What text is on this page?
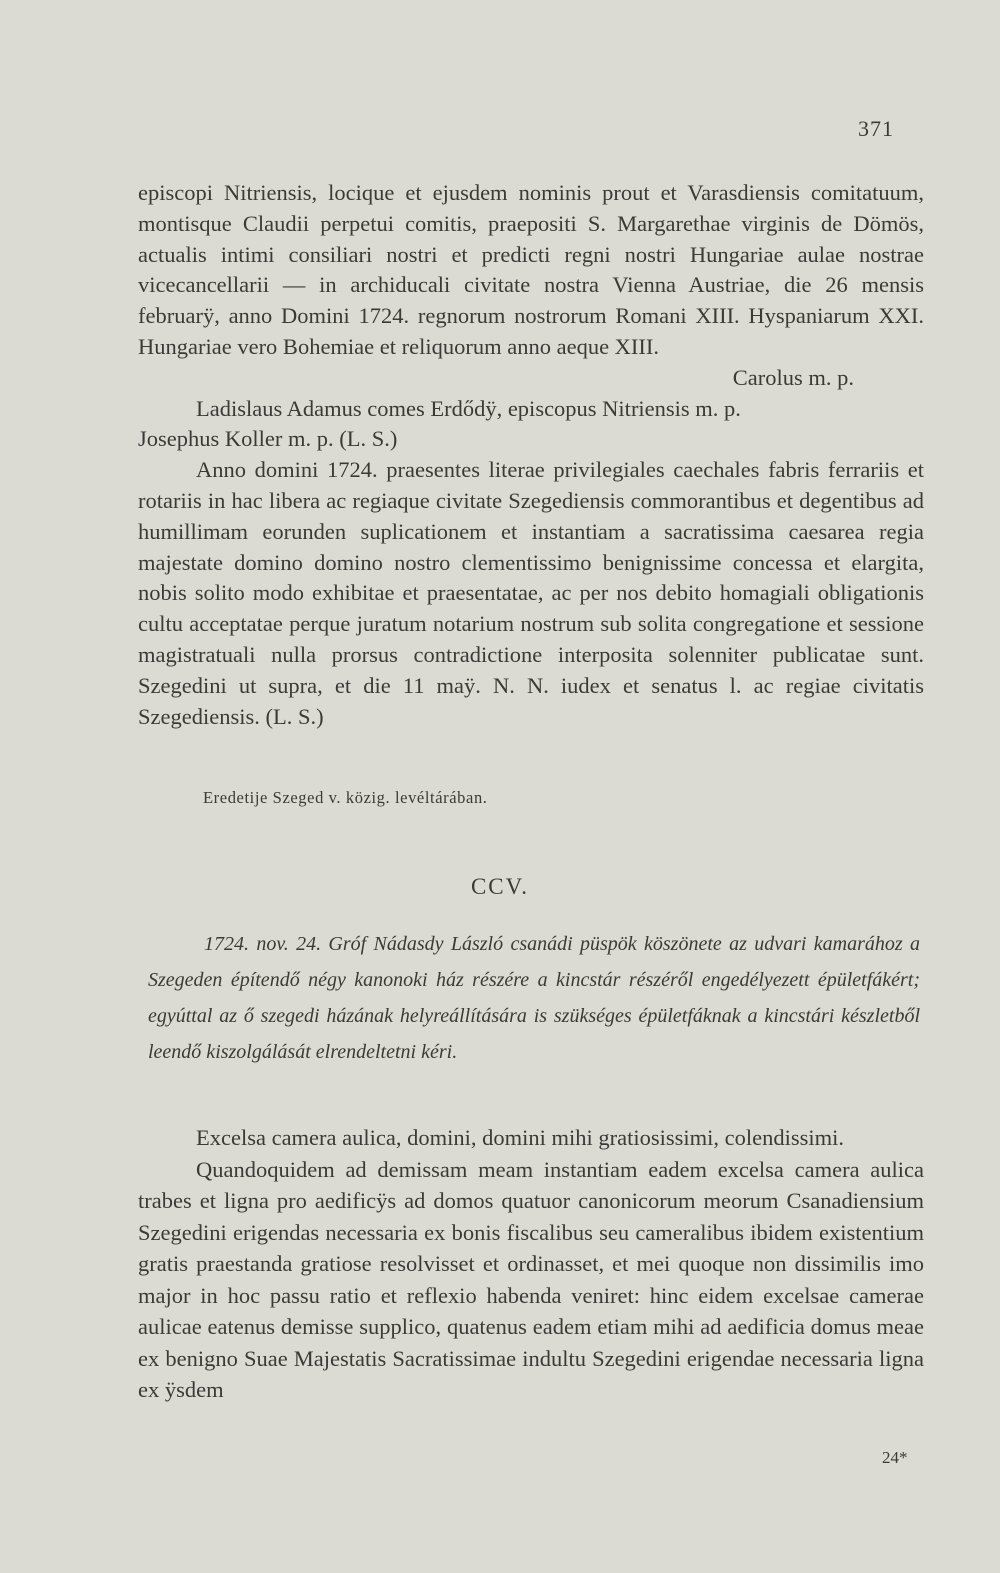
371

episcopi Nitriensis, locique et ejusdem nominis prout et Varasdiensis comitatuum, montisque Claudii perpetui comitis, praepositi S. Margarethae virginis de Dömös, actualis intimi consiliari nostri et predicti regni nostri Hungariae aulae nostrae vicecancellarii — in archiducali civitate nostra Vienna Austriae, die 26 mensis februarӱ, anno Domini 1724. regnorum nostrorum Romani XIII. Hyspaniarum XXI. Hungariae vero Bohemiae et reliquorum anno aeque XIII.

Carolus m. p.

Ladislaus Adamus comes Erdődӱ, episcopus Nitriensis m. p.

Josephus Koller m. p. (L. S.)

Anno domini 1724. praesentes literae privilegiales caechales fabris ferrariis et rotariis in hac libera ac regiaque civitate Szegediensis commorantibus et degentibus ad humillimam eorunden suplicationem et instantiam a sacratissima caesarea regia majestate domino domino nostro clementissimo benignissime concessa et elargita, nobis solito modo exhibitae et praesentatae, ac per nos debito homagiali obligationis cultu acceptatae perque juratum notarium nostrum sub solita congregatione et sessione magistratuali nulla prorsus contradictione interposita solenniter publicatae sunt. Szegedini ut supra, et die 11 maӱ. N. N. iudex et senatus l. ac regiae civitatis Szegediensis. (L. S.)

Eredetije Szeged v. közig. levéltárában.
CCV.

1724. nov. 24. Gróf Nádasdy László csanádi püspök köszönete az udvari kamarához a Szegeden építendő négy kanonoki ház részére a kincstár részéről engedélyezett épületfákért; egyúttal az ő szegedi házának helyreállítására is szükséges épületfáknak a kincstári készletből leendő kiszolgálását elrendeltetni kéri.

Excelsa camera aulica, domini, domini mihi gratiosissimi, colendissimi.

Quandoquidem ad demissam meam instantiam eadem excelsa camera aulica trabes et ligna pro aedificӱs ad domos quatuor canonicorum meorum Csanadiensium Szegedini erigendas necessaria ex bonis fiscalibus seu cameralibus ibidem existentium gratis praestanda gratiose resolvisset et ordinasset, et mei quoque non dissimilis imo major in hoc passu ratio et reflexio habenda veniret: hinc eidem excelsae camerae aulicae eatenus demisse supplico, quatenus eadem etiam mihi ad aedificia domus meae ex benigno Suae Majestatis Sacratissimae indultu Szegedini erigendae necessaria ligna ex ӱsdem

24*
